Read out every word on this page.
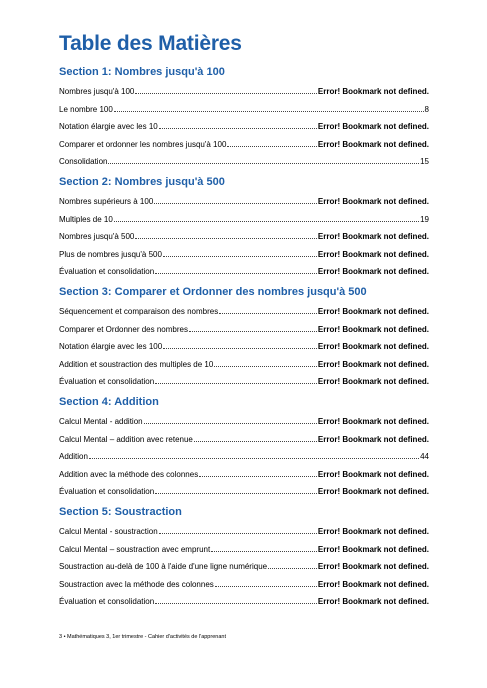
Table des Matières
Section 1: Nombres jusqu'à 100
Nombres jusqu'à 100	Error! Bookmark not defined.
Le nombre 100	8
Notation élargie avec les 10	Error! Bookmark not defined.
Comparer et ordonner les nombres jusqu'à 100	Error! Bookmark not defined.
Consolidation	15
Section 2: Nombres jusqu'à 500
Nombres supérieurs à 100	Error! Bookmark not defined.
Multiples de 10	19
Nombres jusqu'à 500	Error! Bookmark not defined.
Plus de nombres jusqu'à 500	Error! Bookmark not defined.
Évaluation et consolidation	Error! Bookmark not defined.
Section 3: Comparer et Ordonner des nombres jusqu'à 500
Séquencement et comparaison des nombres	Error! Bookmark not defined.
Comparer et Ordonner des nombres	Error! Bookmark not defined.
Notation élargie avec les 100	Error! Bookmark not defined.
Addition et soustraction des multiples de 10	Error! Bookmark not defined.
Évaluation et consolidation	Error! Bookmark not defined.
Section 4: Addition
Calcul Mental - addition	Error! Bookmark not defined.
Calcul Mental – addition avec retenue	Error! Bookmark not defined.
Addition	44
Addition avec la méthode des colonnes	Error! Bookmark not defined.
Évaluation et consolidation	Error! Bookmark not defined.
Section 5: Soustraction
Calcul Mental - soustraction	Error! Bookmark not defined.
Calcul Mental – soustraction avec emprunt	Error! Bookmark not defined.
Soustraction au-delà de 100 à l'aide d'une ligne numérique	Error! Bookmark not defined.
Soustraction avec la méthode des colonnes	Error! Bookmark not defined.
Évaluation et consolidation	Error! Bookmark not defined.
3 • Mathématiques 3, 1er trimestre - Cahier d'activités de l'apprenant
